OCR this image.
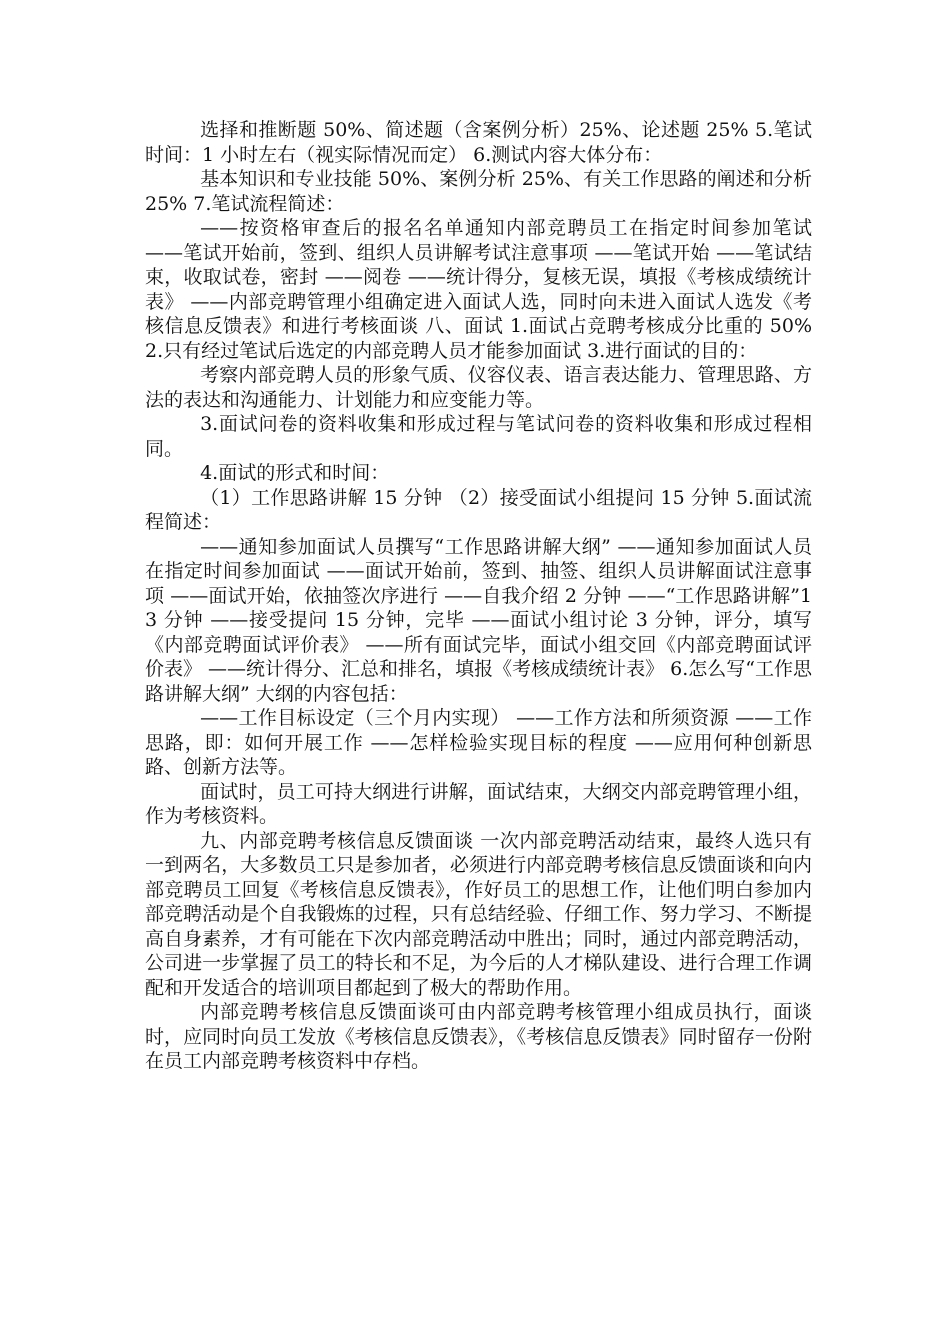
选择和推断题 50%、简述题（含案例分析）25%、论述题 25% 5.笔试时间：1 小时左右（视实际情况而定） 6.测试内容大体分布：

基本知识和专业技能 50%、案例分析 25%、有关工作思路的阐述和分析 25% 7.笔试流程简述：

——按资格审查后的报名名单通知内部竞聘员工在指定时间参加笔试 ——笔试开始前，签到、组织人员讲解考试注意事项 ——笔试开始 ——笔试结束，收取试卷，密封 ——阅卷 ——统计得分，复核无误，填报《考核成绩统计表》 ——内部竞聘管理小组确定进入面试人选，同时向未进入面试人选发《考核信息反馈表》和进行考核面谈 八、面试 1.面试占竞聘考核成分比重的 50% 2.只有经过笔试后选定的内部竞聘人员才能参加面试 3.进行面试的目的：

考察内部竞聘人员的形象气质、仪容仪表、语言表达能力、管理思路、方法的表达和沟通能力、计划能力和应变能力等。

3.面试问卷的资料收集和形成过程与笔试问卷的资料收集和形成过程相同。

4.面试的形式和时间：

（1）工作思路讲解 15 分钟 （2）接受面试小组提问 15 分钟 5.面试流程简述：

——通知参加面试人员撰写“工作思路讲解大纲” ——通知参加面试人员在指定时间参加面试 ——面试开始前，签到、抽签、组织人员讲解面试注意事项 ——面试开始，依抽签次序进行 ——自我介绍 2 分钟 ——“工作思路讲解”13 分钟 ——接受提问 15 分钟，完毕 ——面试小组讨论 3 分钟，评分，填写《内部竞聘面试评价表》 ——所有面试完毕，面试小组交回《内部竞聘面试评价表》 ——统计得分、汇总和排名，填报《考核成绩统计表》 6.怎么写“工作思路讲解大纲” 大纲的内容包括：

——工作目标设定（三个月内实现） ——工作方法和所须资源 ——工作思路，即：如何开展工作 ——怎样检验实现目标的程度 ——应用何种创新思路、创新方法等。

面试时，员工可持大纲进行讲解，面试结束，大纲交内部竞聘管理小组，作为考核资料。

九、内部竞聘考核信息反馈面谈 一次内部竞聘活动结束，最终人选只有一到两名，大多数员工只是参加者，必须进行内部竞聘考核信息反馈面谈和向内部竞聘员工回复《考核信息反馈表》，作好员工的思想工作，让他们明白参加内部竞聘活动是个自我锻炼的过程，只有总结经验、仔细工作、努力学习、不断提高自身素养，才有可能在下次内部竞聘活动中胜出；同时，通过内部竞聘活动，公司进一步掌握了员工的特长和不足，为今后的人才梯队建设、进行合理工作调配和开发适合的培训项目都起到了极大的帮助作用。

内部竞聘考核信息反馈面谈可由内部竞聘考核管理小组成员执行，面谈时，应同时向员工发放《考核信息反馈表》，《考核信息反馈表》同时留存一份附在员工内部竞聘考核资料中存档。
